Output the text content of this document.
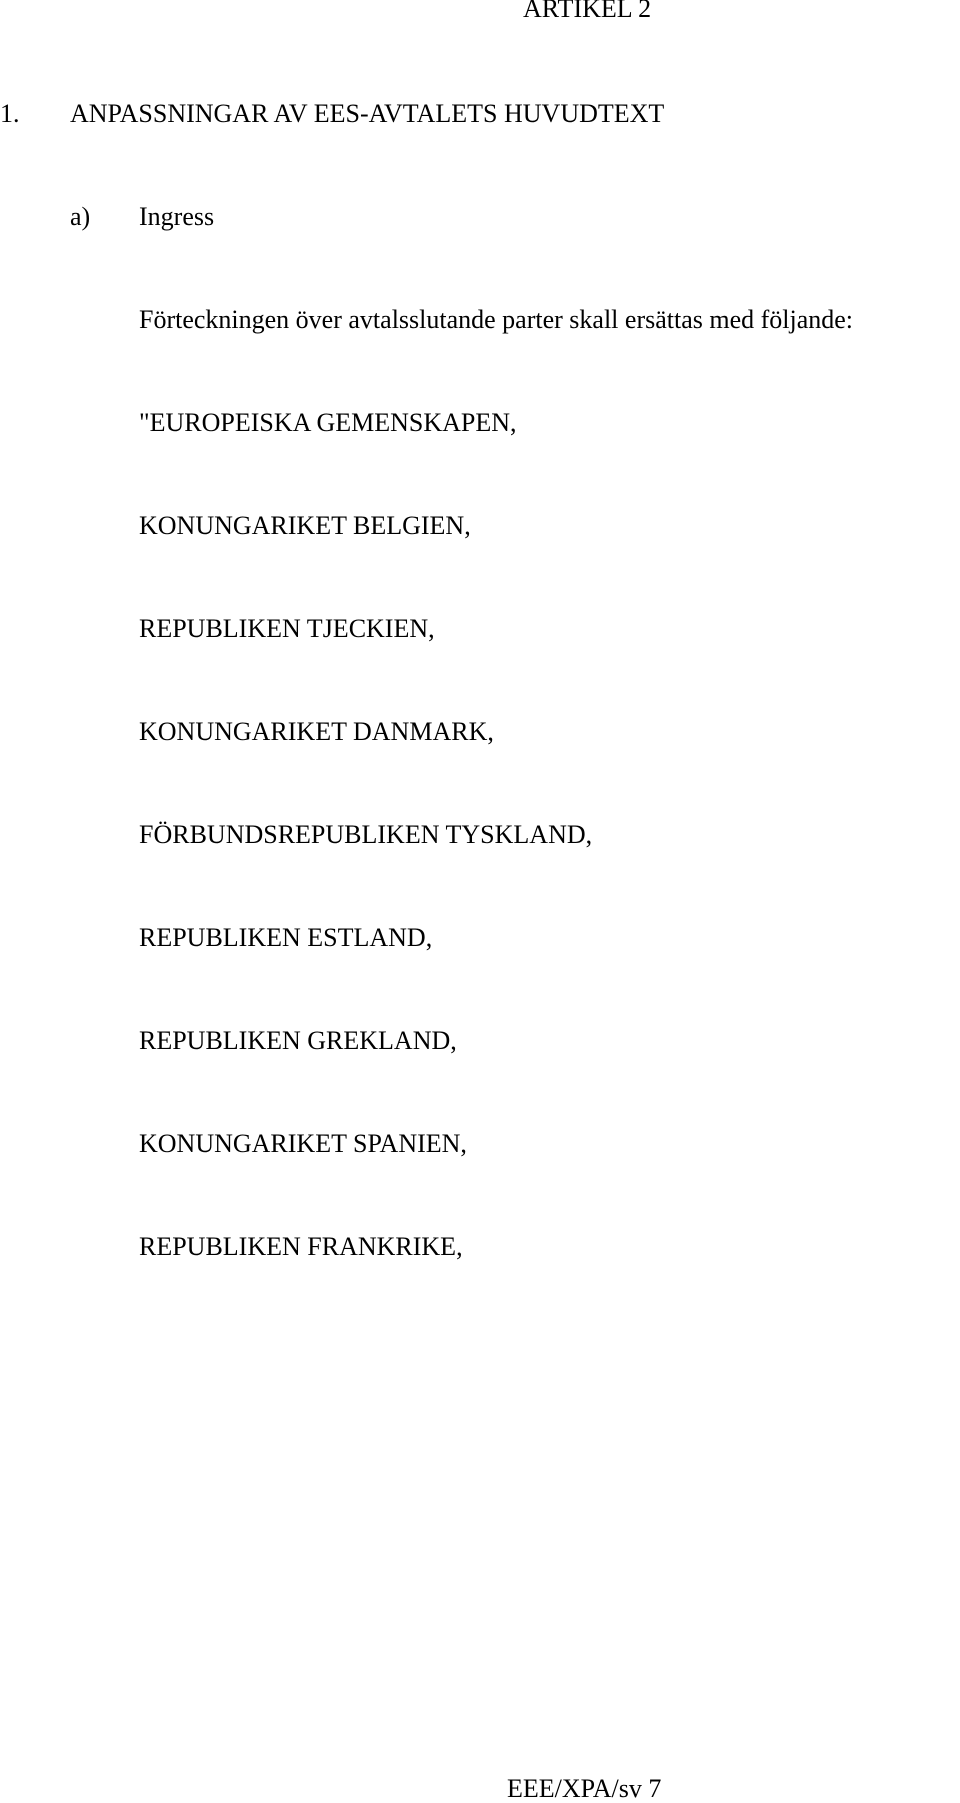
ARTIKEL 2
1. ANPASSNINGAR AV EES-AVTALETS HUVUDTEXT
a) Ingress
Förteckningen över avtalsslutande parter skall ersättas med följande:
"EUROPEISKA GEMENSKAPEN,
KONUNGARIKET BELGIEN,
REPUBLIKEN TJECKIEN,
KONUNGARIKET DANMARK,
FÖRBUNDSREPUBLIKEN TYSKLAND,
REPUBLIKEN ESTLAND,
REPUBLIKEN GREKLAND,
KONUNGARIKET SPANIEN,
REPUBLIKEN FRANKRIKE,
EEE/XPA/sv 7
